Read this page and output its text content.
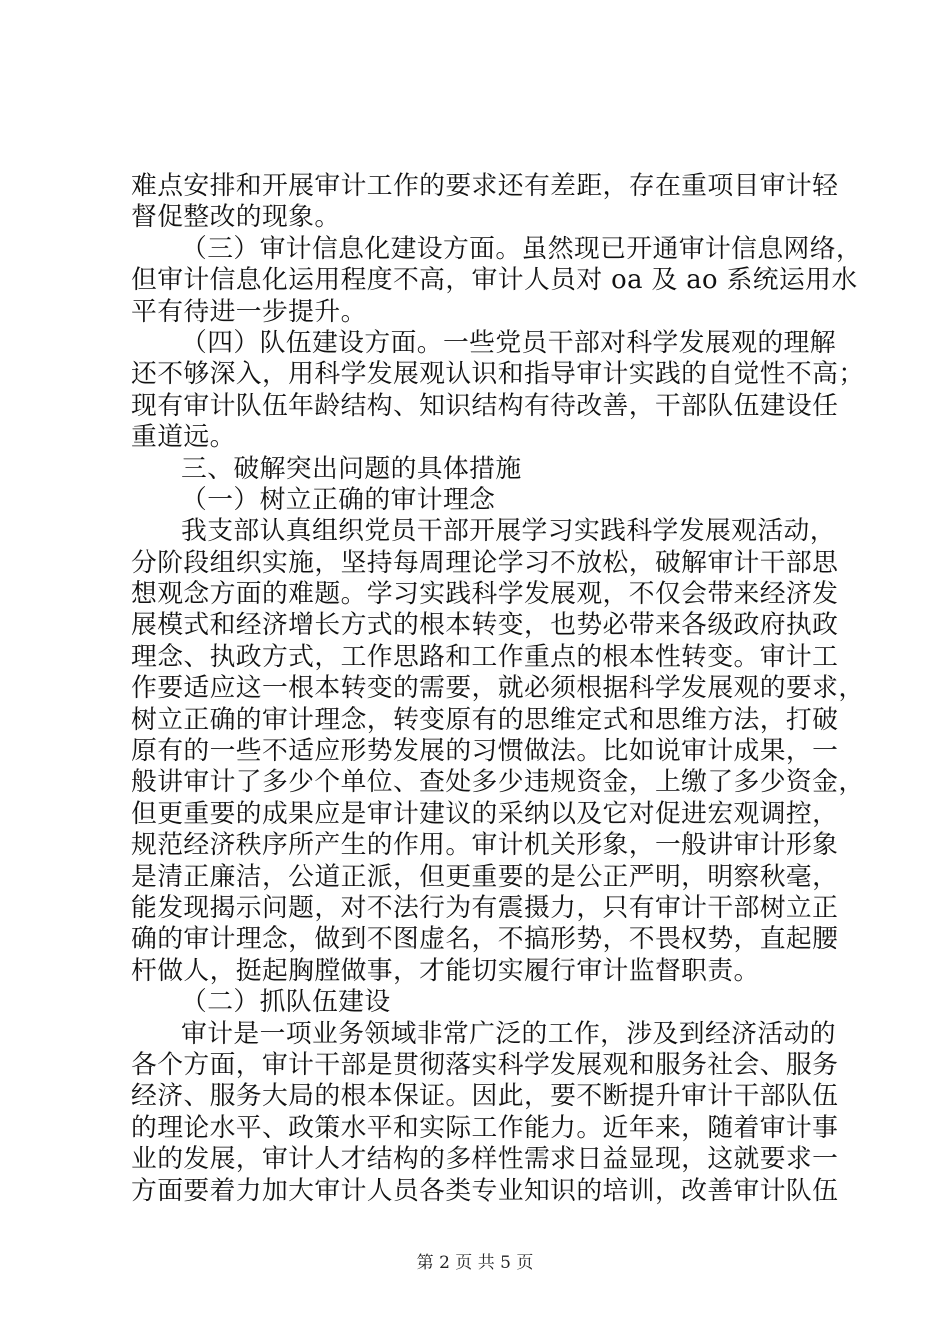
难点安排和开展审计工作的要求还有差距，存在重项目审计轻
督促整改的现象。
（三）审计信息化建设方面。虽然现已开通审计信息网络，
但审计信息化运用程度不高，审计人员对 oa 及 ao 系统运用水
平有待进一步提升。
（四）队伍建设方面。一些党员干部对科学发展观的理解
还不够深入，用科学发展观认识和指导审计实践的自觉性不高；
现有审计队伍年龄结构、知识结构有待改善，干部队伍建设任
重道远。
三、破解突出问题的具体措施
（一）树立正确的审计理念
我支部认真组织党员干部开展学习实践科学发展观活动，
分阶段组织实施，坚持每周理论学习不放松，破解审计干部思
想观念方面的难题。学习实践科学发展观，不仅会带来经济发
展模式和经济增长方式的根本转变，也势必带来各级政府执政
理念、执政方式，工作思路和工作重点的根本性转变。审计工
作要适应这一根本转变的需要，就必须根据科学发展观的要求，
树立正确的审计理念，转变原有的思维定式和思维方法，打破
原有的一些不适应形势发展的习惯做法。比如说审计成果，一
般讲审计了多少个单位、查处多少违规资金，上缴了多少资金，
但更重要的成果应是审计建议的采纳以及它对促进宏观调控，
规范经济秩序所产生的作用。审计机关形象，一般讲审计形象
是清正廉洁，公道正派，但更重要的是公正严明，明察秋毫，
能发现揭示问题，对不法行为有震摄力，只有审计干部树立正
确的审计理念，做到不图虚名，不搞形势，不畏权势，直起腰
杆做人，挺起胸膛做事，才能切实履行审计监督职责。
（二）抓队伍建设
审计是一项业务领域非常广泛的工作，涉及到经济活动的
各个方面，审计干部是贯彻落实科学发展观和服务社会、服务
经济、服务大局的根本保证。因此，要不断提升审计干部队伍
的理论水平、政策水平和实际工作能力。近年来，随着审计事
业的发展，审计人才结构的多样性需求日益显现，这就要求一
方面要着力加大审计人员各类专业知识的培训，改善审计队伍
第 2 页 共 5 页
